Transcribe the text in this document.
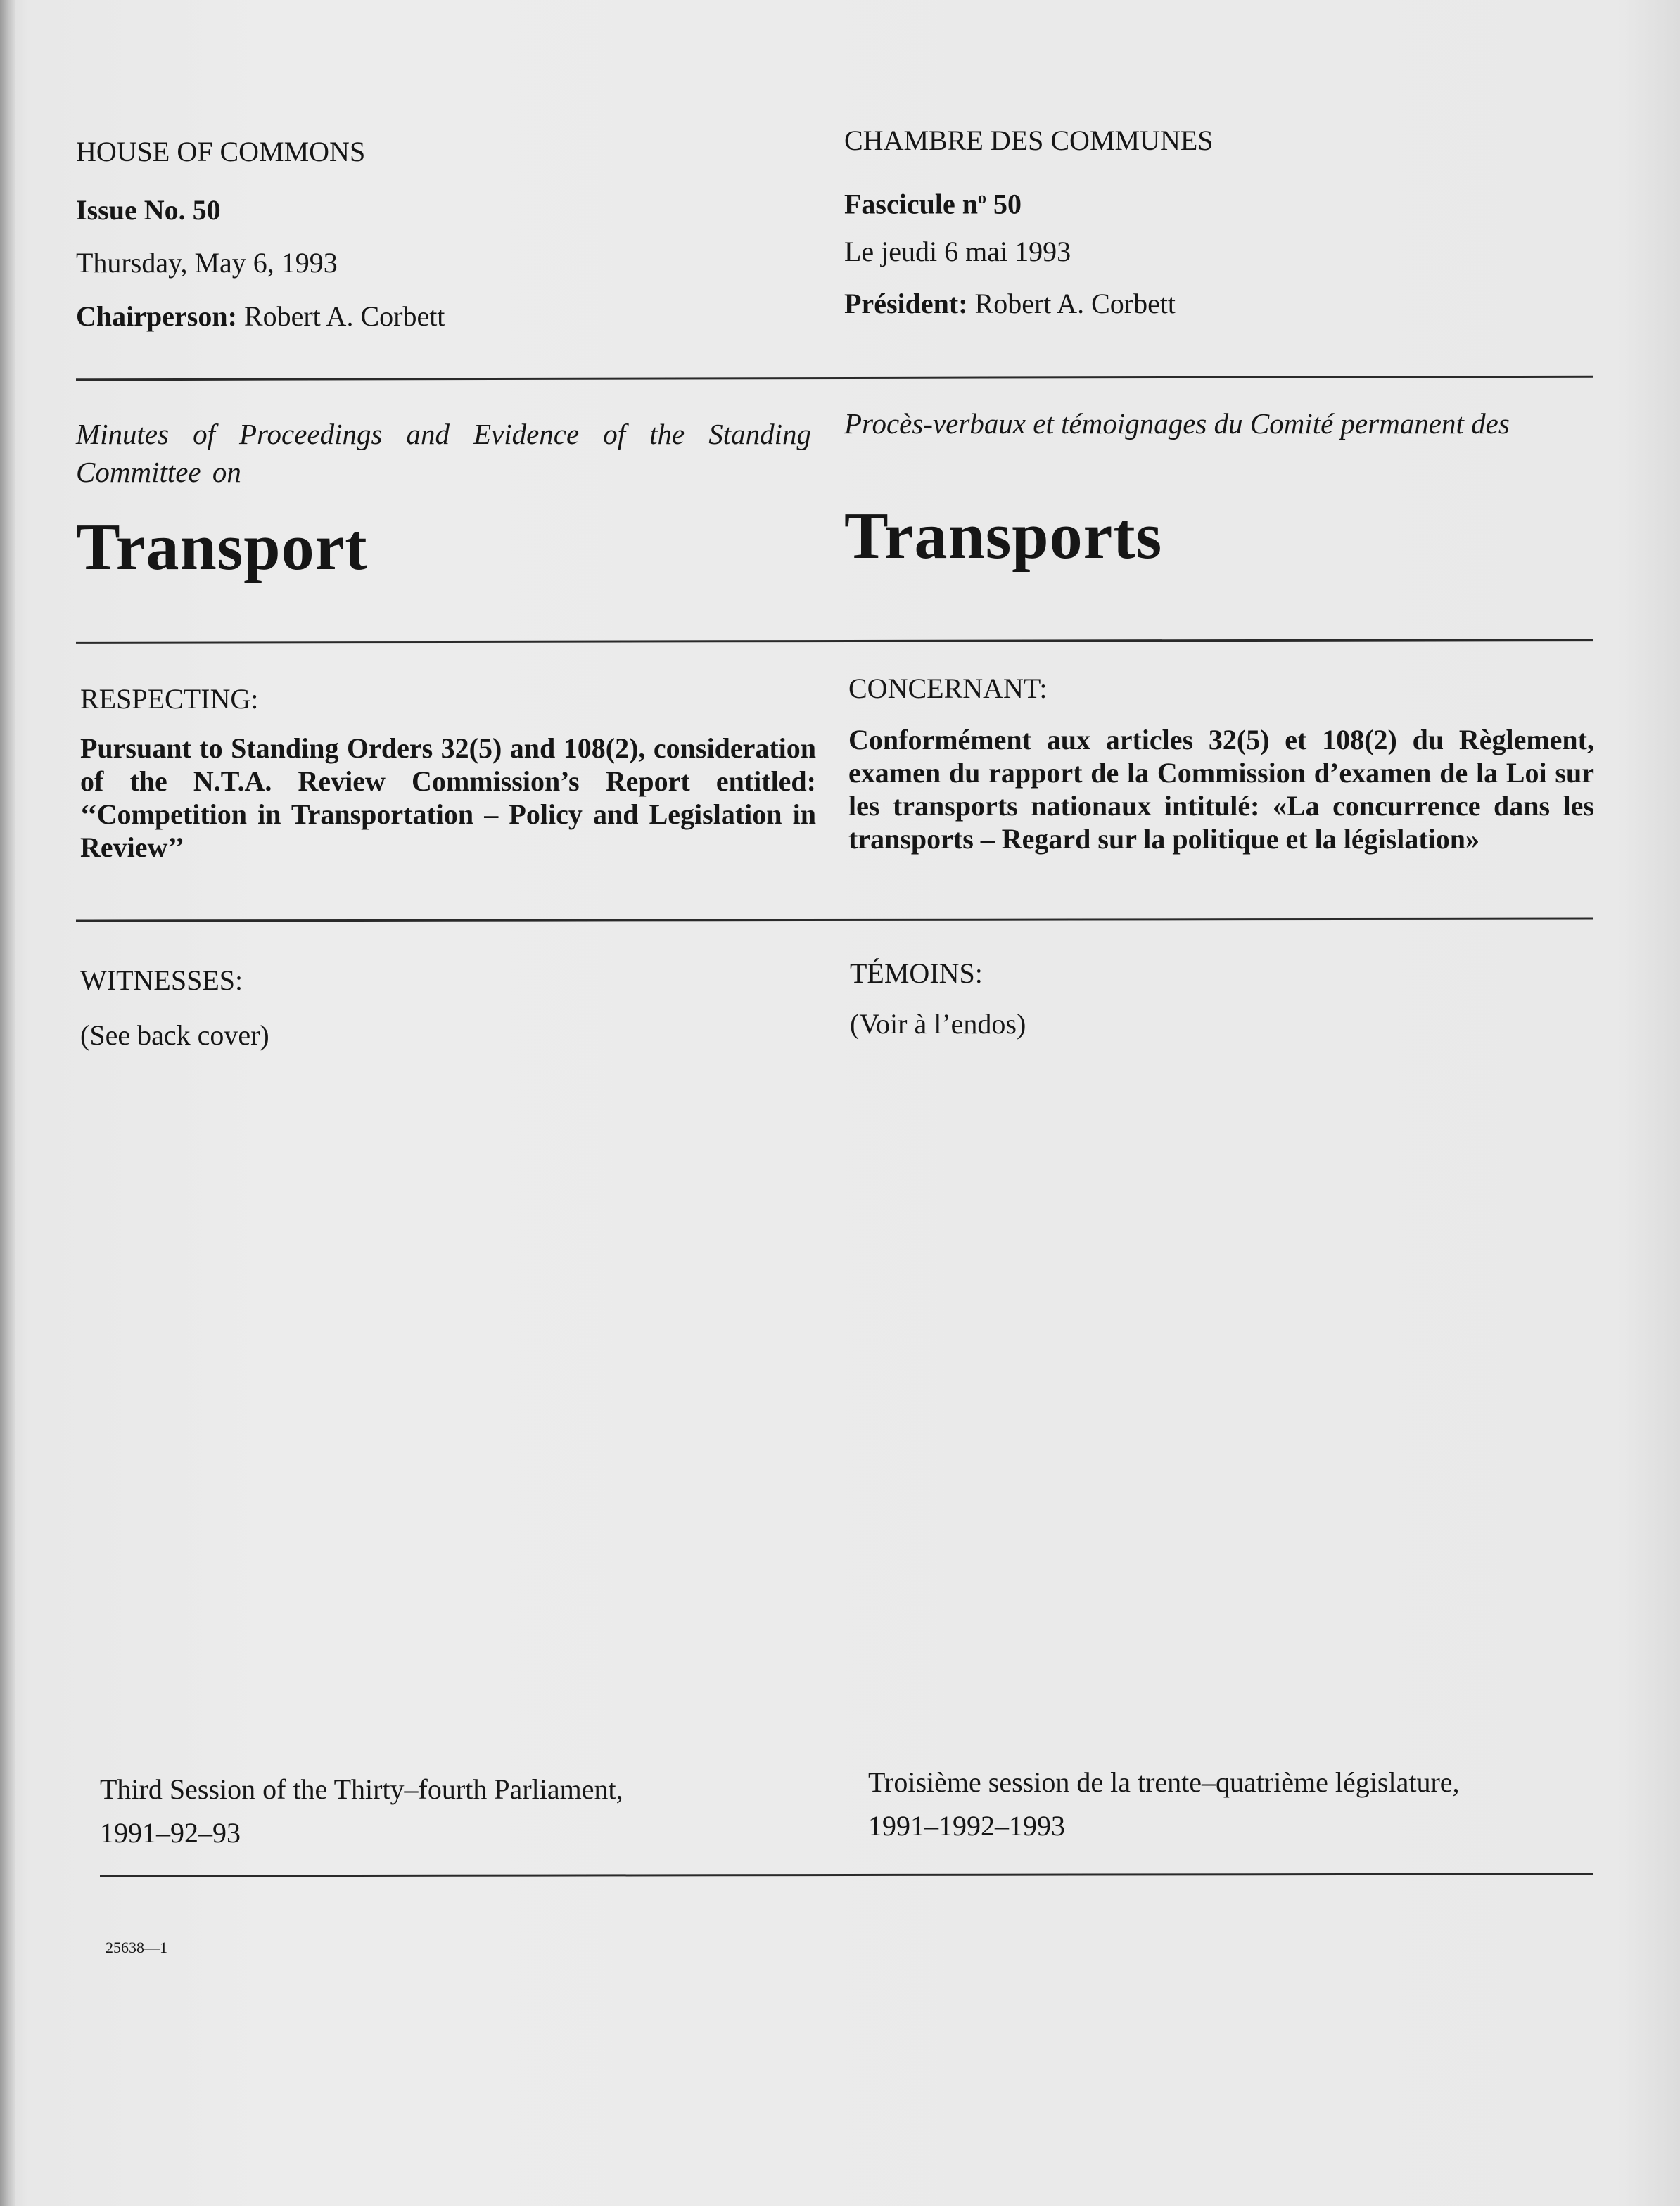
HOUSE OF COMMONS
Issue No. 50
Thursday, May 6, 1993
Chairperson: Robert A. Corbett
Minutes of Proceedings and Evidence of the Standing Committee on
Transport
RESPECTING:
Pursuant to Standing Orders 32(5) and 108(2), consideration of the N.T.A. Review Commission’s Report entitled: ‘‘Competition in Transportation – Policy and Legislation in Review’’
WITNESSES:
(See back cover)
Third Session of the Thirty–fourth Parliament,
1991–92–93
25638—1
CHAMBRE DES COMMUNES
Fascicule $n^o$ 50
Le jeudi 6 mai 1993
Président: Robert A. Corbett
Procès-verbaux et témoignages du Comité permanent des
Transports
CONCERNANT:
Conformément aux articles 32(5) et 108(2) du Règlement, examen du rapport de la Commission d’examen de la Loi sur les transports nationaux intitulé: «La concurrence dans les transports – Regard sur la politique et la législation»
TÉMOINS:
(Voir à l’endos)
Troisième session de la trente–quatrième législature,
1991–1992–1993
